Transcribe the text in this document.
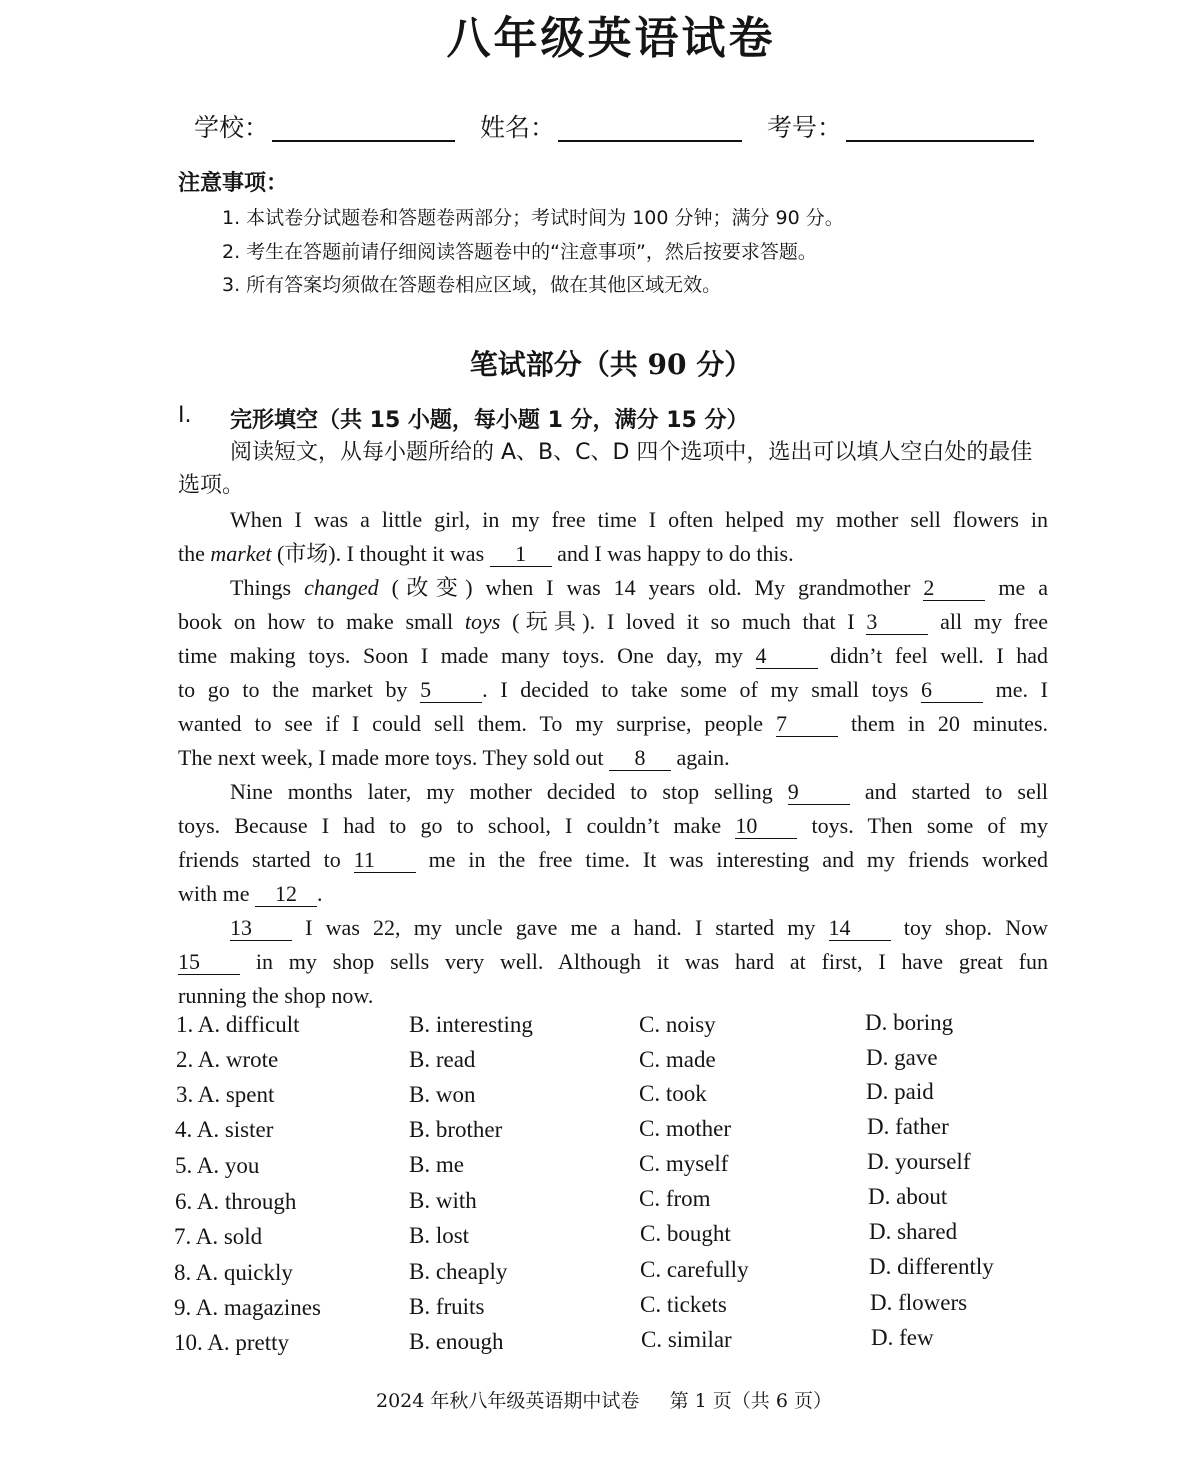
八年级英语试卷
学校：	姓名：	考号：
注意事项：
1. 本试卷分试题卷和答题卷两部分；考试时间为 100 分钟；满分 90 分。
2. 考生在答题前请仔细阅读答题卷中的“注意事项”，然后按要求答题。
3. 所有答案均须做在答题卷相应区域，做在其他区域无效。
笔试部分（共 90 分）
I. 完形填空（共 15 小题，每小题 1 分，满分 15 分）
阅读短文，从每小题所给的 A、B、C、D 四个选项中，选出可以填人空白处的最佳选项。
When I was a little girl, in my free time I often helped my mother sell flowers in
the market (市场). I thought it was 1 and I was happy to do this.
Things changed (改变) when I was 14 years old. My grandmother 2 me a
book on how to make small toys (玩具). I loved it so much that I 3 all my free
time making toys. Soon I made many toys. One day, my 4 didn’t feel well. I had
to go to the market by 5 . I decided to take some of my small toys 6 me. I
wanted to see if I could sell them. To my surprise, people 7 them in 20 minutes.
The next week, I made more toys. They sold out 8 again.
Nine months later, my mother decided to stop selling 9 and started to sell
toys. Because I had to go to school, I couldn’t make 10 toys. Then some of my
friends started to 11 me in the free time. It was interesting and my friends worked
with me 12 .
13 I was 22, my uncle gave me a hand. I started my 14 toy shop. Now
15 in my shop sells very well. Although it was hard at first, I have great fun
running the shop now.
1. A. difficult	B. interesting	C. noisy	D. boring
2. A. wrote	B. read	C. made	D. gave
3. A. spent	B. won	C. took	D. paid
4. A. sister	B. brother	C. mother	D. father
5. A. you	B. me	C. myself	D. yourself
6. A. through	B. with	C. from	D. about
7. A. sold	B. lost	C. bought	D. shared
8. A. quickly	B. cheaply	C. carefully	D. differently
9. A. magazines	B. fruits	C. tickets	D. flowers
10. A. pretty	B. enough	C. similar	D. few
2024 年秋八年级英语期中试卷 第 1 页（共 6 页）
